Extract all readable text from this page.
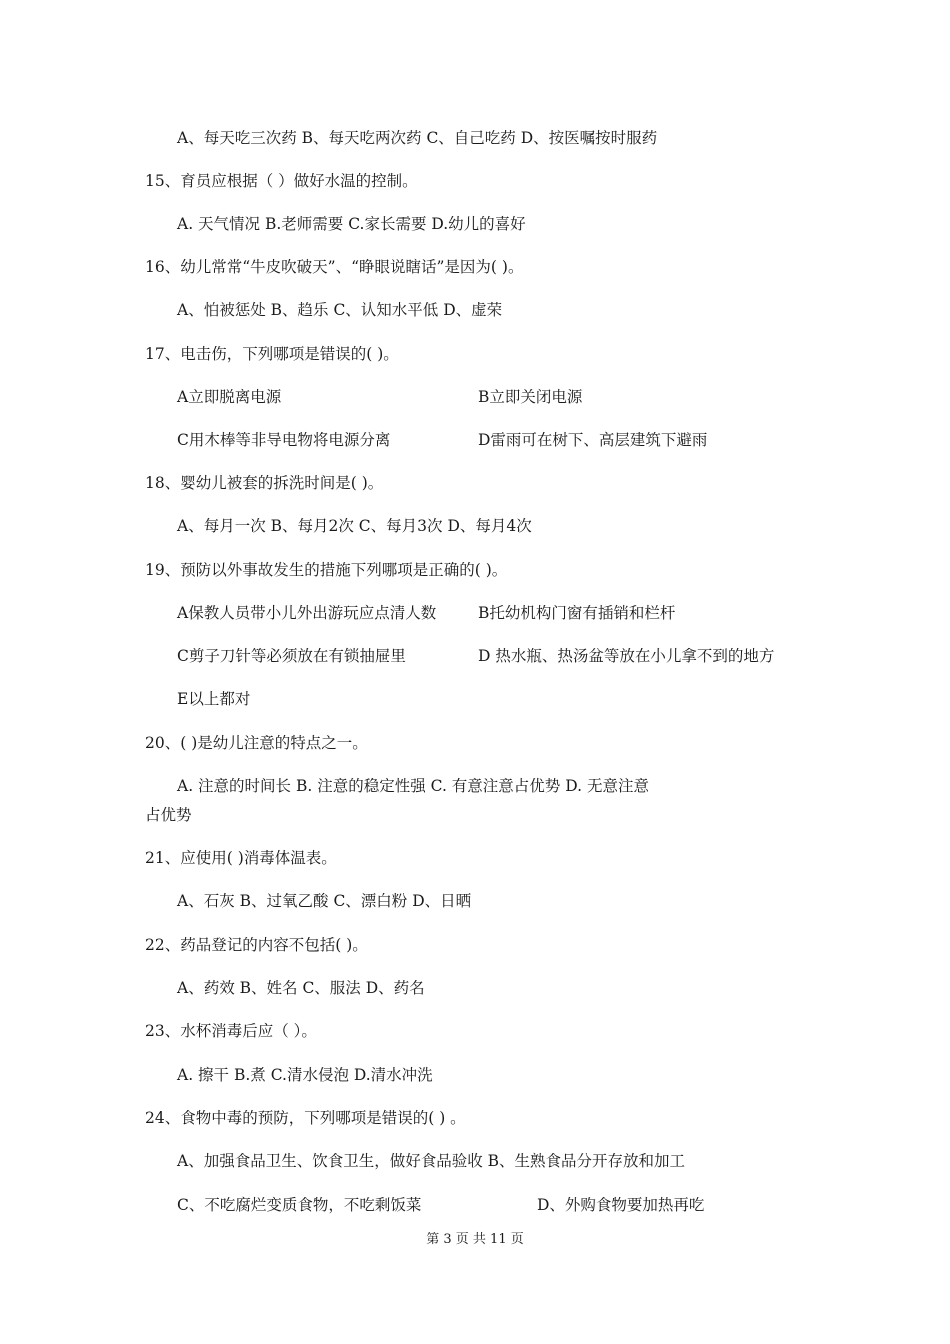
A、每天吃三次药 B、每天吃两次药 C、自己吃药 D、按医嘱按时服药
15、育员应根据（ ）做好水温的控制。
A. 天气情况 B.老师需要 C.家长需要 D.幼儿的喜好
16、幼儿常常“牛皮吹破天”、“睁眼说瞎话”是因为( )。
A、怕被惩处 B、趋乐 C、认知水平低 D、虚荣
17、电击伤，下列哪项是错误的( )。
A立即脱离电源	B立即关闭电源
C用木棒等非导电物将电源分离	D雷雨可在树下、高层建筑下避雨
18、婴幼儿被套的拆洗时间是( )。
A、每月一次 B、每月2次 C、每月3次 D、每月4次
19、预防以外事故发生的措施下列哪项是正确的( )。
A保教人员带小儿外出游玩应点清人数	B托幼机构门窗有插销和栏杆
C剪子刀针等必须放在有锁抽屉里	D 热水瓶、热汤盆等放在小儿拿不到的地方
E以上都对
20、( )是幼儿注意的特点之一。
A. 注意的时间长 B. 注意的稳定性强 C. 有意注意占优势 D. 无意注意
占优势
21、应使用( )消毒体温表。
A、石灰 B、过氧乙酸 C、漂白粉 D、日晒
22、药品登记的内容不包括( )。
A、药效 B、姓名 C、服法 D、药名
23、水杯消毒后应（ ）。
A. 擦干 B.煮 C.清水侵泡 D.清水冲洗
24、食物中毒的预防，下列哪项是错误的( ) 。
A、加强食品卫生、饮食卫生，做好食品验收 B、生熟食品分开存放和加工
C、不吃腐烂变质食物，不吃剩饭菜	D、外购食物要加热再吃
第 3 页 共 11 页
